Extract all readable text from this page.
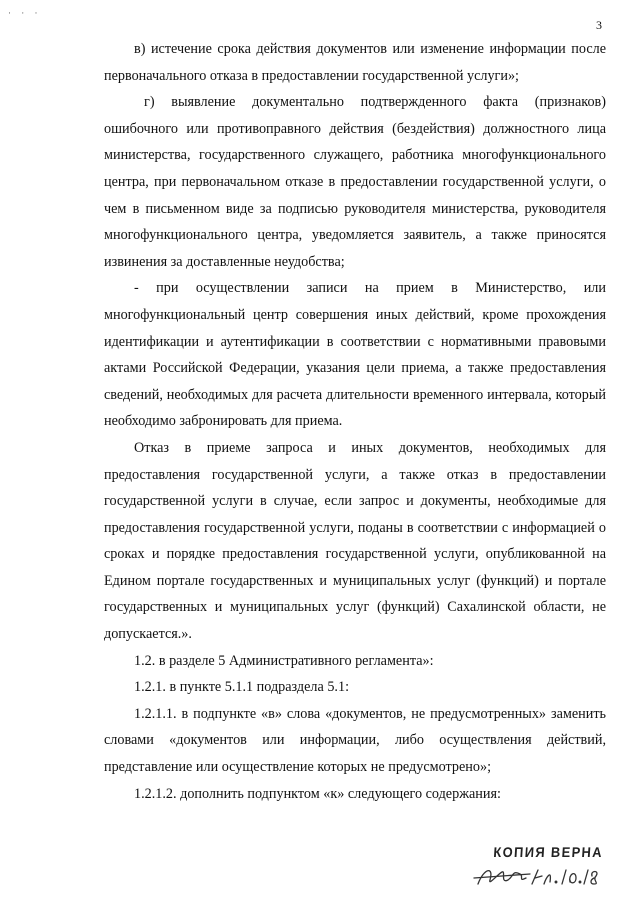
· · ·
3

в) истечение срока действия документов или изменение информации после первоначального отказа в предоставлении государственной услуги»;

г) выявление документально подтвержденного факта (признаков) ошибочного или противоправного действия (бездействия) должностного лица министерства, государственного служащего, работника многофункционального центра, при первоначальном отказе в предоставлении государственной услуги, о чем в письменном виде за подписью руководителя министерства, руководителя многофункционального центра, уведомляется заявитель, а также приносятся извинения за доставленные неудобства;

- при осуществлении записи на прием в Министерство, или многофункциональный центр совершения иных действий, кроме прохождения идентификации и аутентификации в соответствии с нормативными правовыми актами Российской Федерации, указания цели приема, а также предоставления сведений, необходимых для расчета длительности временного интервала, который необходимо забронировать для приема.

Отказ в приеме запроса и иных документов, необходимых для предоставления государственной услуги, а также отказ в предоставлении государственной услуги в случае, если запрос и документы, необходимые для предоставления государственной услуги, поданы в соответствии с информацией о сроках и порядке предоставления государственной услуги, опубликованной на Едином портале государственных и муниципальных услуг (функций) и портале государственных и муниципальных услуг (функций) Сахалинской области, не допускается.».

1.2. в разделе 5 Административного регламента»:

1.2.1. в пункте 5.1.1 подраздела 5.1:

1.2.1.1. в подпункте «в» слова «документов, не предусмотренных» заменить словами «документов или информации, либо осуществления действий, представление или осуществление которых не предусмотрено»;

1.2.1.2. дополнить подпунктом «к» следующего содержания:

КОПИЯ ВЕРНА
